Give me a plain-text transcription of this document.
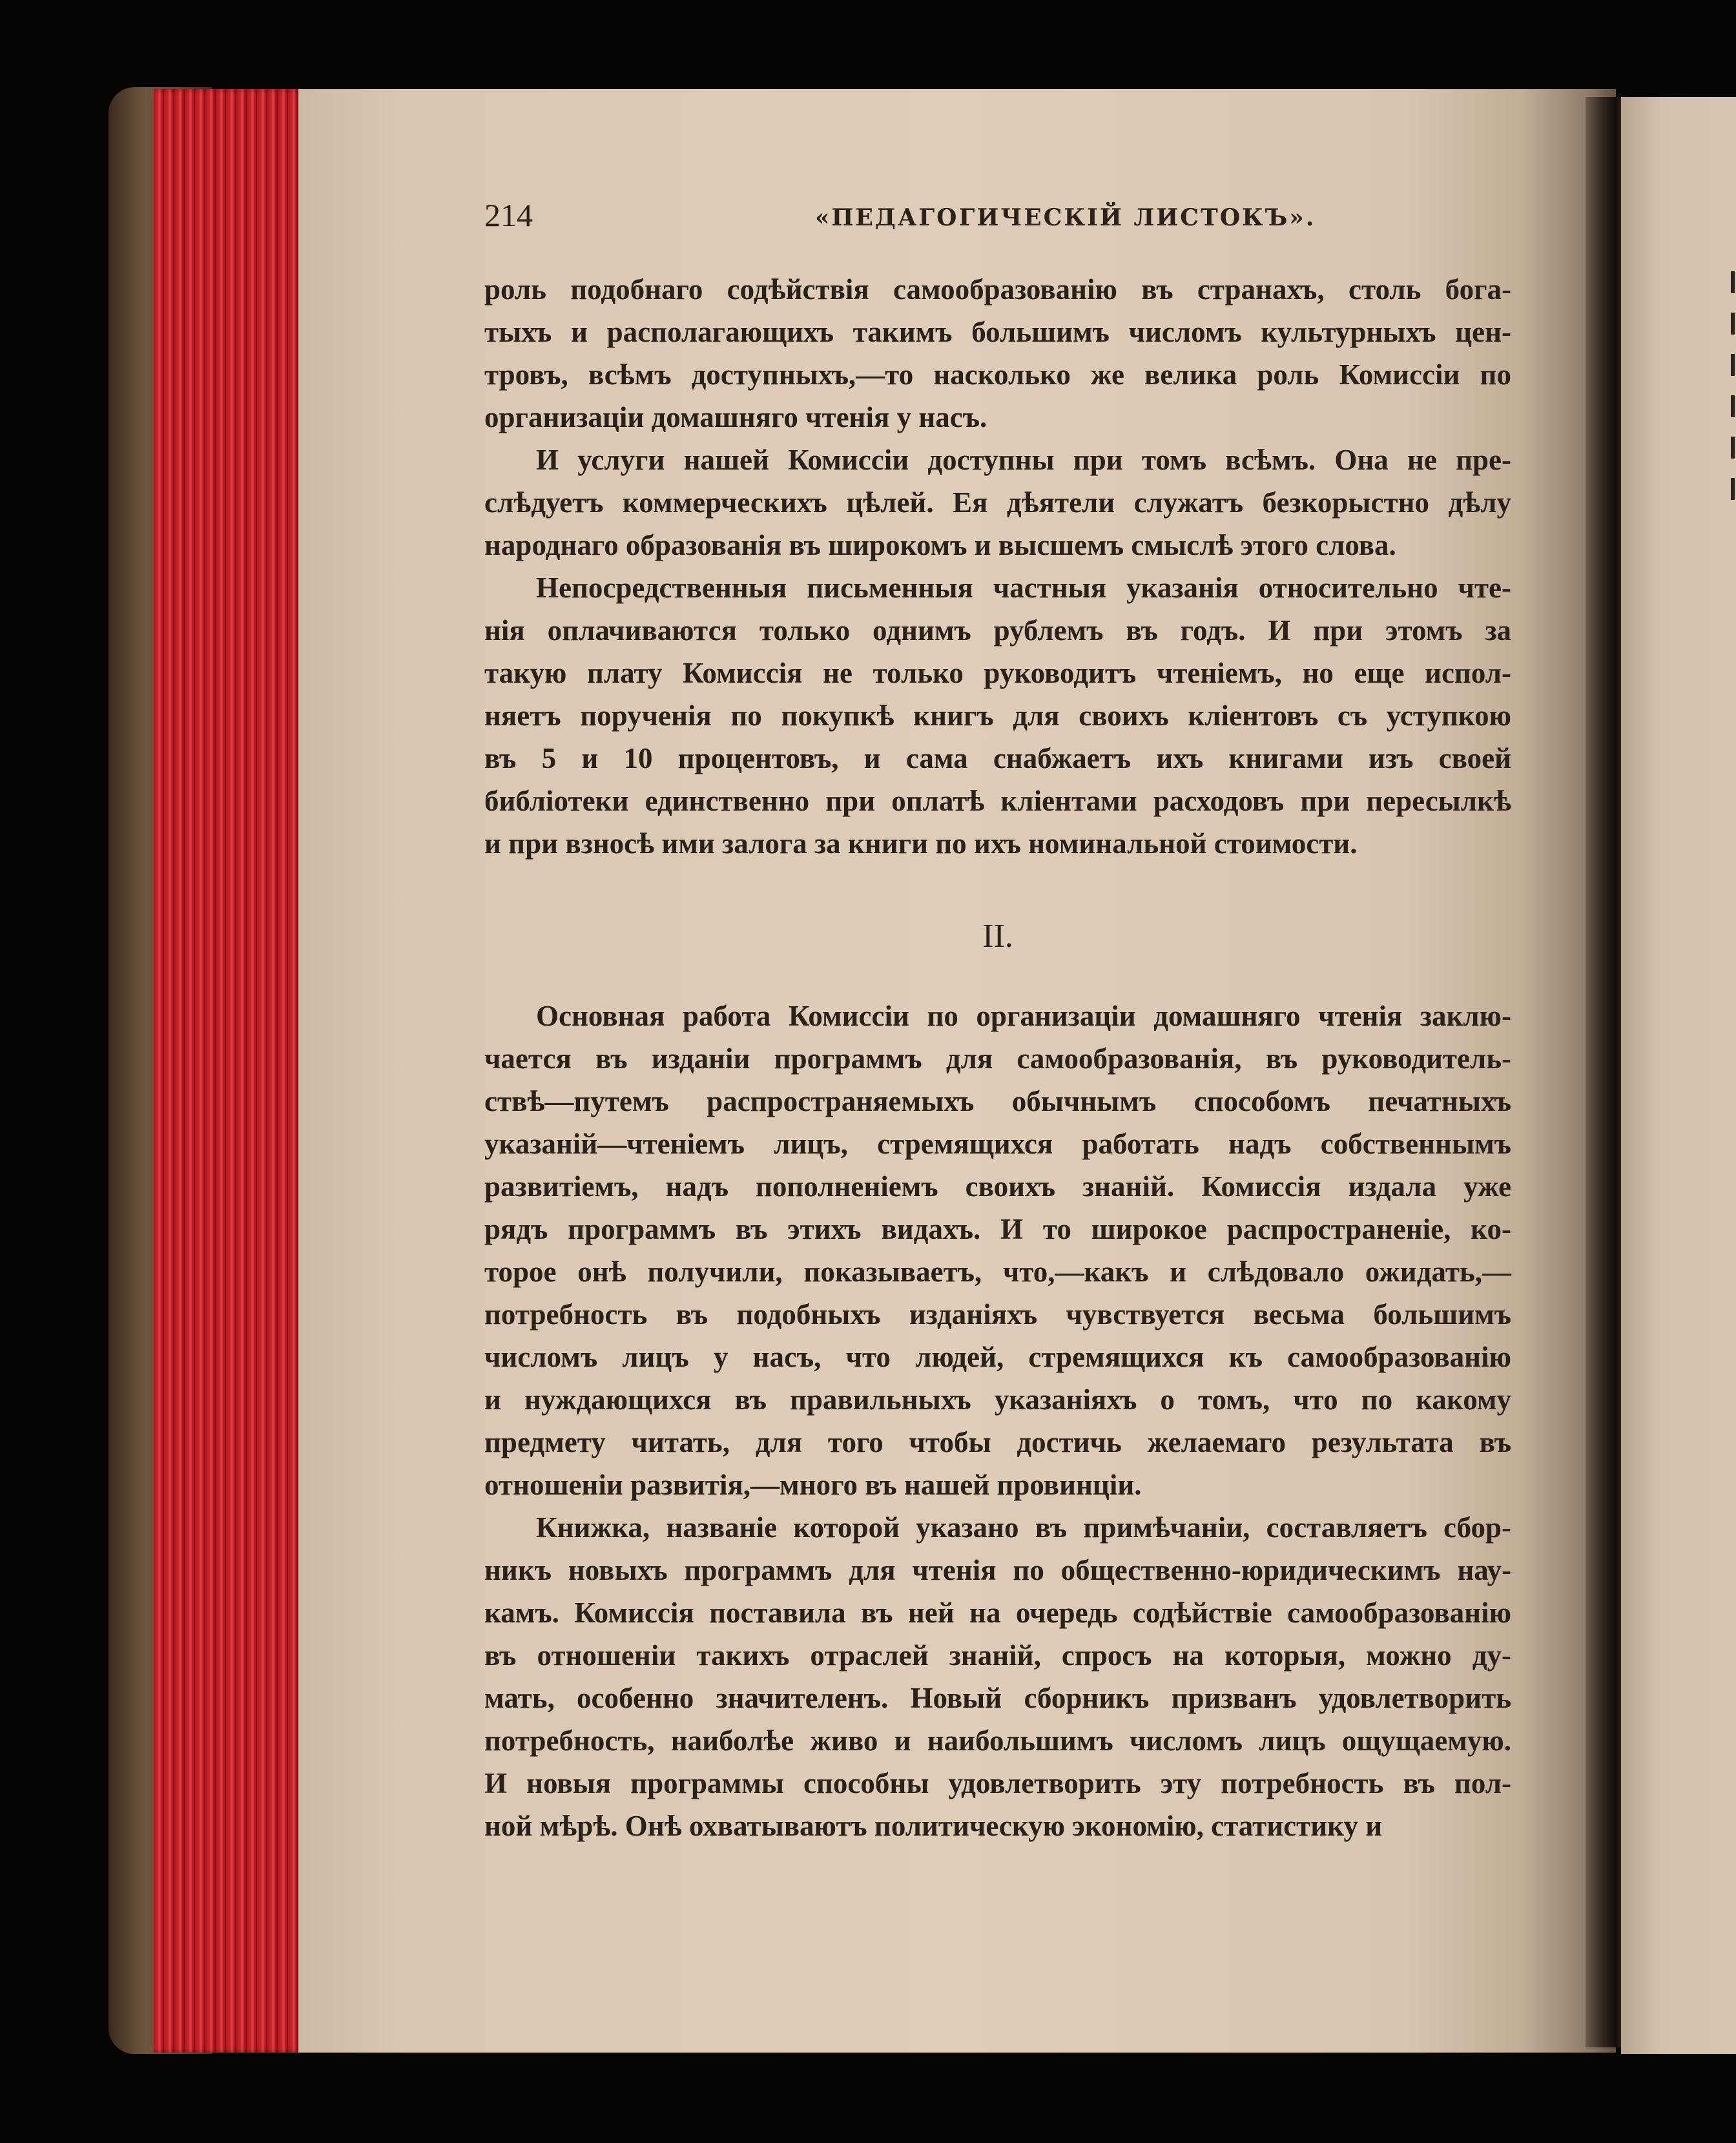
214	«ПЕДАГОГИЧЕСКІЙ ЛИСТОКЪ».

роль подобнаго содѣйствія самообразованію въ странахъ, столь бога-

тыхъ и располагающихъ такимъ большимъ числомъ культурныхъ цен-

тровъ, всѣмъ доступныхъ,—то насколько же велика роль Комиссіи по

организаціи домашняго чтенія у насъ.

И услуги нашей Комиссіи доступны при томъ всѣмъ. Она не пре-

слѣдуетъ коммерческихъ цѣлей. Ея дѣятели служатъ безкорыстно дѣлу

народнаго образованія въ широкомъ и высшемъ смыслѣ этого слова.

Непосредственныя письменныя частныя указанія относительно чте-

нія оплачиваются только однимъ рублемъ въ годъ. И при этомъ за

такую плату Комиссія не только руководитъ чтеніемъ, но еще испол-

няетъ порученія по покупкѣ книгъ для своихъ кліентовъ съ уступкою

въ 5 и 10 процентовъ, и сама снабжаетъ ихъ книгами изъ своей

библіотеки единственно при оплатѣ кліентами расходовъ при пересылкѣ

и при взносѣ ими залога за книги по ихъ номинальной стоимости.

II.

Основная работа Комиссіи по организаціи домашняго чтенія заклю-

чается въ изданіи программъ для самообразованія, въ руководитель-

ствѣ—путемъ распространяемыхъ обычнымъ способомъ печатныхъ

указаній—чтеніемъ лицъ, стремящихся работать надъ собственнымъ

развитіемъ, надъ пополненіемъ своихъ знаній. Комиссія издала уже

рядъ программъ въ этихъ видахъ. И то широкое распространеніе, ко-

торое онѣ получили, показываетъ, что,—какъ и слѣдовало ожидать,—

потребность въ подобныхъ изданіяхъ чувствуется весьма большимъ

числомъ лицъ у насъ, что людей, стремящихся къ самообразованію

и нуждающихся въ правильныхъ указаніяхъ о томъ, что по какому

предмету читать, для того чтобы достичь желаемаго результата въ

отношеніи развитія,—много въ нашей провинціи.

Книжка, названіе которой указано въ примѣчаніи, составляетъ сбор-

никъ новыхъ программъ для чтенія по общественно-юридическимъ нау-

камъ. Комиссія поставила въ ней на очередь содѣйствіе самообразованію

въ отношеніи такихъ отраслей знаній, спросъ на которыя, можно ду-

мать, особенно значителенъ. Новый сборникъ призванъ удовлетворить

потребность, наиболѣе живо и наибольшимъ числомъ лицъ ощущаемую.

И новыя программы способны удовлетворить эту потребность въ пол-

ной мѣрѣ. Онѣ охватываютъ политическую экономію, статистику и
